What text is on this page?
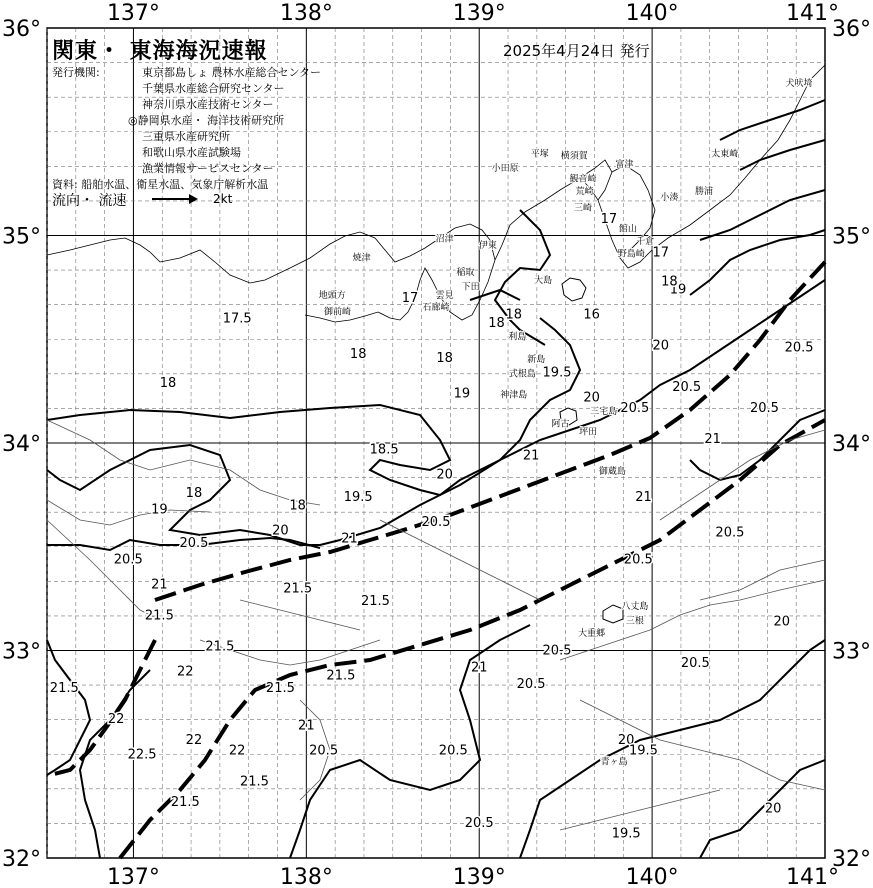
137°	138°	139°	140°	141°
137°	138°	139°	140°	141°
36°
35°
34°
33°
32°
36°
35°
34°
33°
32°
17.5
18
18
18
18
18.5
19
19
18
18
19.5
20
20
20.5
20.5
20.5
21
21	21.5
21.5
21.5
21.5
21.5
22
22
22.5
22
22
21.5
21.5
21
20.5
21.5
21.5
20.5
21
20.5
20.5
20.5
20
19.5
19.5
20
20
20.5
20.5
20.5
21
21
20.5
20.5
20.5
20.5
21
20
19
18
17
17
16
18
17
19.5
20
犬吠埼
太東崎
勝浦
小湊
館山
千倉
野島崎
富津
横須賀
平塚
小田原
観音崎
荒崎
三崎
焼津
沼津
伊東
稲取
下田
雲見
石廊崎
大島
地頭方
御前崎
利島
新島
式根島
神津島
三宅島
阿古
坪田
御蔵島
八丈島
大重郷
三根
青ヶ島
関東・ 東海海況速報	2025年4月24日 発行
発行機関:	東京都島しょ 農林水産総合センター
千葉県水産総合研究センター
神奈川県水産技術センター
◎静岡県水産・ 海洋技術研究所
三重県水産研究所
和歌山県水産試験場
漁業情報サービスセンター
資料: 船舶水温、衛星水温、気象庁解析水温
流向・ 流速	2kt
